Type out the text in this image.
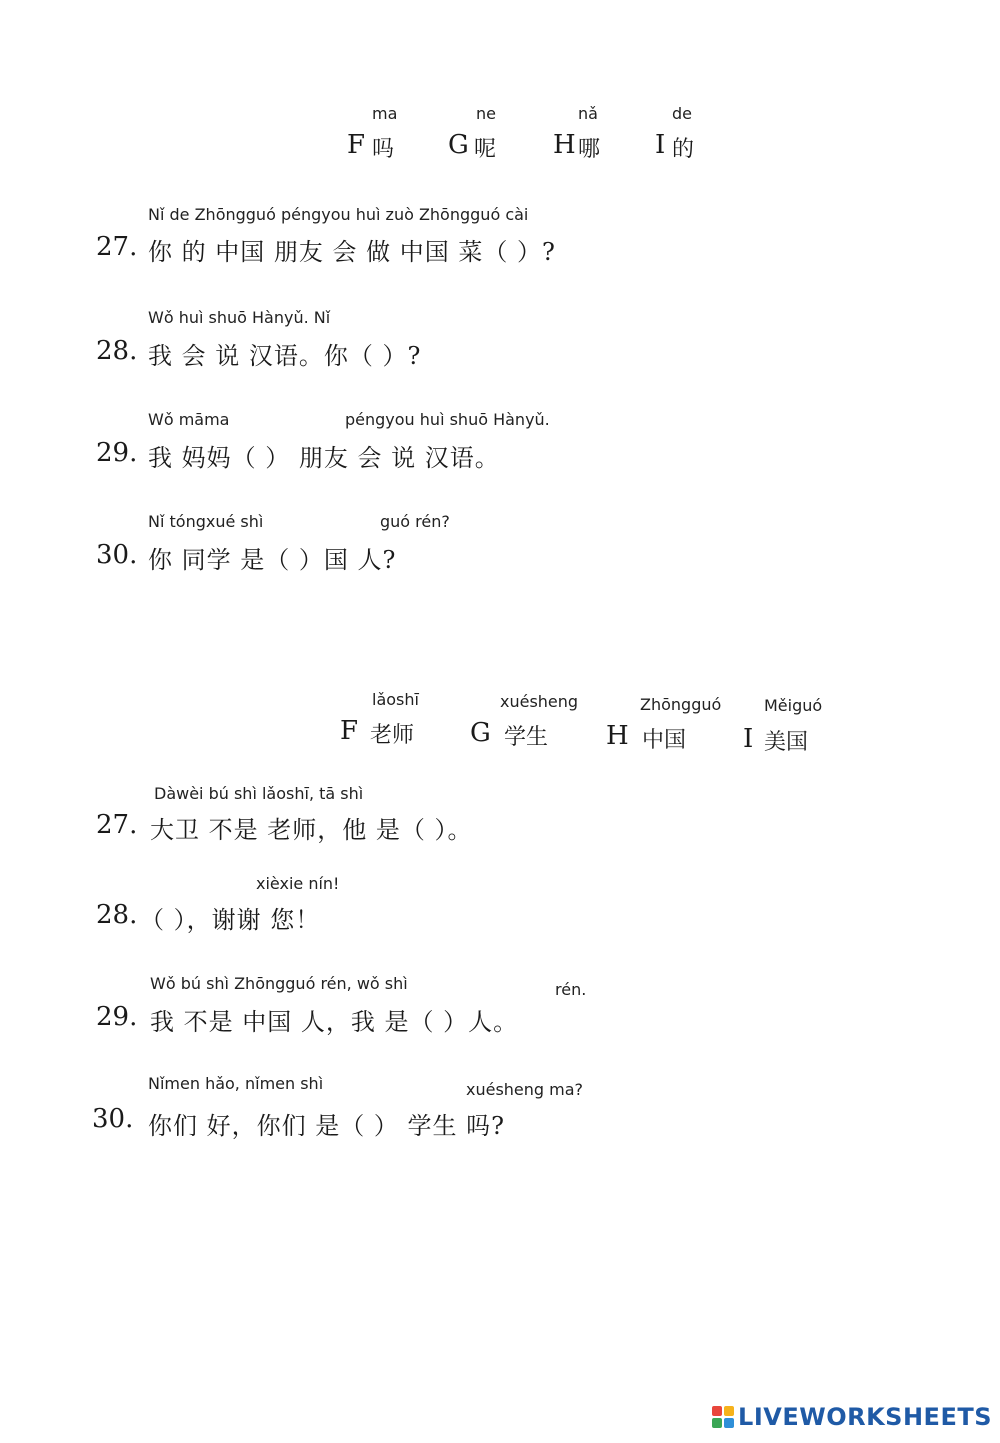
ma
F 吗
ne
G 呢
nǎ
H 哪
de
I 的
Nǐ de Zhōngguó péngyou huì zuò Zhōngguó cài
27. 你 的 中国 朋友 会 做 中国 菜（ ）?
Wǒ huì shuō Hànyǔ. Nǐ
28. 我 会 说 汉语。你（ ）?
Wǒ māma	péngyou huì shuō Hànyǔ.
29. 我 妈妈（ ） 朋友 会 说 汉语。
Nǐ tóngxué shì	guó rén?
30. 你 同学 是（ ）国 人?
lǎoshī
F 老师
xuésheng
G 学生
Zhōngguó
H 中国
Měiguó
I 美国
Dàwèi bú shì lǎoshī, tā shì
27. 大卫 不是 老师，他 是（ ）。
xièxie nín!
28. （ ），谢谢 您！
Wǒ bú shì Zhōngguó rén, wǒ shì	rén.
29. 我 不是 中国 人，我 是（ ）人。
Nǐmen hǎo, nǐmen shì	xuésheng ma?
30. 你们 好，你们 是（ ） 学生 吗?
LIVEWORKSHEETS
